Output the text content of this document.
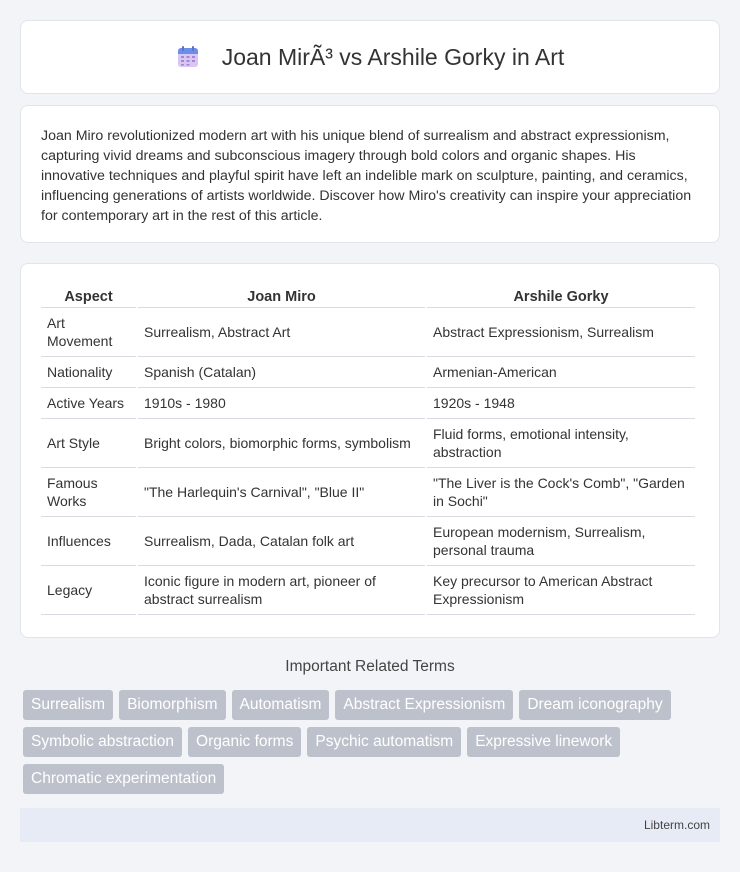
Joan MirÃ³ vs Arshile Gorky in Art

Joan Miro revolutionized modern art with his unique blend of surrealism and abstract expressionism, capturing vivid dreams and subconscious imagery through bold colors and organic shapes. His innovative techniques and playful spirit have left an indelible mark on sculpture, painting, and ceramics, influencing generations of artists worldwide. Discover how Miro's creativity can inspire your appreciation for contemporary art in the rest of this article.

Aspect	Joan Miro	Arshile Gorky
Art Movement	Surrealism, Abstract Art	Abstract Expressionism, Surrealism
Nationality	Spanish (Catalan)	Armenian-American
Active Years	1910s - 1980	1920s - 1948
Art Style	Bright colors, biomorphic forms, symbolism	Fluid forms, emotional intensity, abstraction
Famous Works	"The Harlequin's Carnival", "Blue II"	"The Liver is the Cock's Comb", "Garden in Sochi"
Influences	Surrealism, Dada, Catalan folk art	European modernism, Surrealism, personal trauma
Legacy	Iconic figure in modern art, pioneer of abstract surrealism	Key precursor to American Abstract Expressionism
Important Related Terms
Surrealism	Biomorphism	Automatism	Abstract Expressionism	Dream iconography
Symbolic abstraction	Organic forms	Psychic automatism	Expressive linework
Chromatic experimentation
Libterm.com
